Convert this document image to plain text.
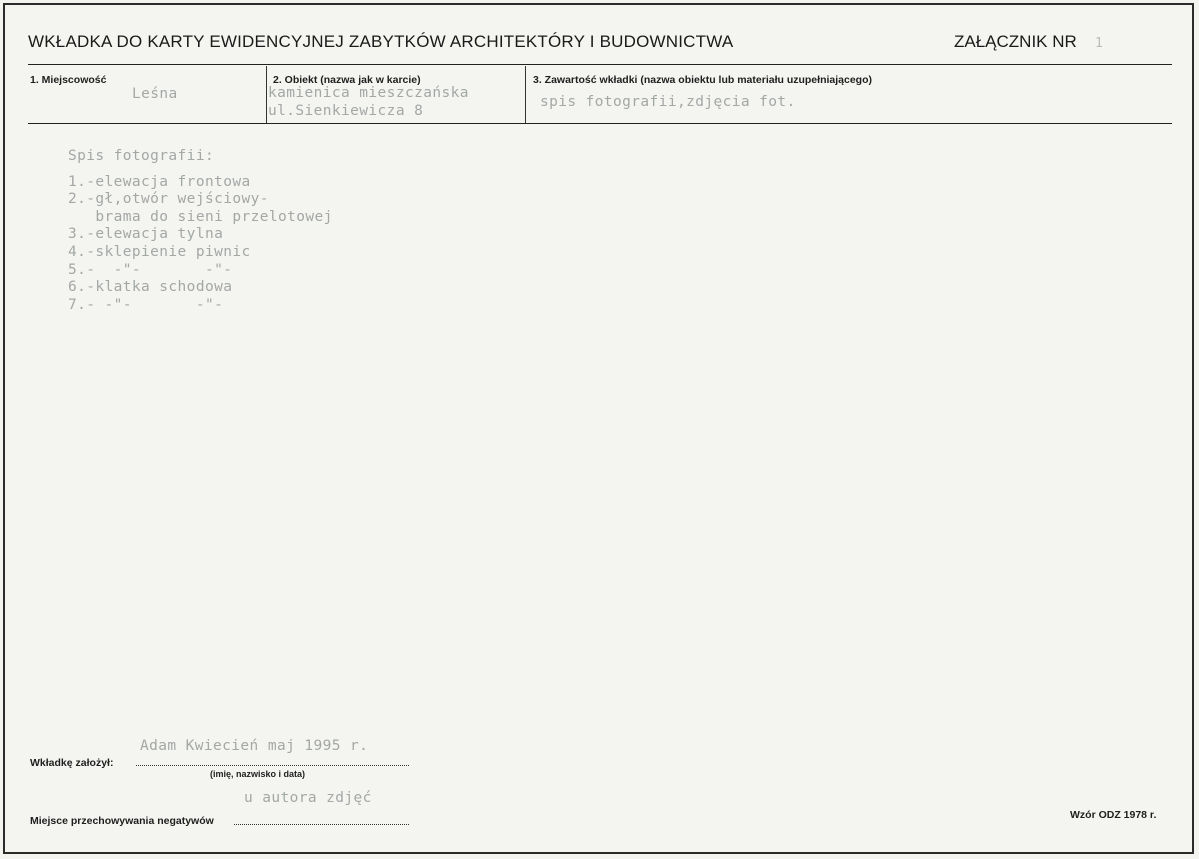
WKŁADKA DO KARTY EWIDENCYJNEJ ZABYTKÓW ARCHITEKTÓRY I BUDOWNICTWA	ZAŁĄCZNIK NR 1
1. Miejscowość
Leśna
2. Obiekt (nazwa jak w karcie)
kamienica mieszczańska
ul.Sienkiewicza 8
3. Zawartość wkładki (nazwa obiektu lub materiału uzupełniającego)
spis fotografii,zdjęcia fot.
Spis fotografii:
1.-elewacja frontowa
2.-gł,otwór wejściowy-
brama do sieni przelotowej
3.-elewacja tylna
4.-sklepienie piwnic
5.-  -"-       -"-
6.-klatka schodowa
7.- -"-       -"-
Adam Kwiecień maj 1995 r.
Wkładkę założył:
(imię, nazwisko i data)
u autora zdjęć
Miejsce przechowywania negatywów	Wzór ODZ 1978 r.
